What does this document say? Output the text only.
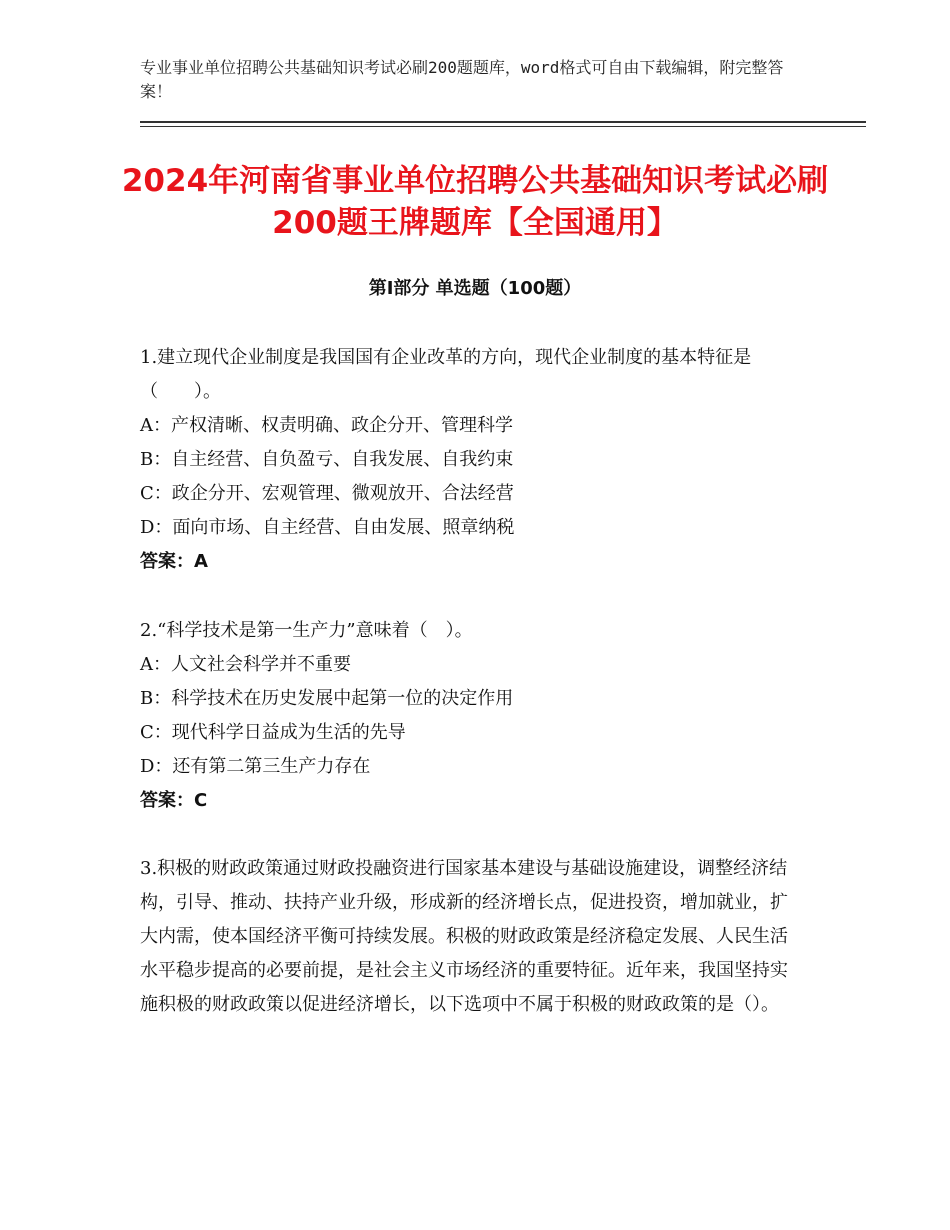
专业事业单位招聘公共基础知识考试必刷200题题库，word格式可自由下载编辑，附完整答案！
2024年河南省事业单位招聘公共基础知识考试必刷200题王牌题库【全国通用】
第Ⅰ部分 单选题（100题）
1.建立现代企业制度是我国国有企业改革的方向，现代企业制度的基本特征是（　　）。
A：产权清晰、权责明确、政企分开、管理科学
B：自主经营、自负盈亏、自我发展、自我约束
C：政企分开、宏观管理、微观放开、合法经营
D：面向市场、自主经营、自由发展、照章纳税
答案：A
2.“科学技术是第一生产力”意味着（　）。
A：人文社会科学并不重要
B：科学技术在历史发展中起第一位的决定作用
C：现代科学日益成为生活的先导
D：还有第二第三生产力存在
答案：C
3.积极的财政政策通过财政投融资进行国家基本建设与基础设施建设，调整经济结构，引导、推动、扶持产业升级，形成新的经济增长点，促进投资，增加就业，扩大内需，使本国经济平衡可持续发展。积极的财政政策是经济稳定发展、人民生活水平稳步提高的必要前提，是社会主义市场经济的重要特征。近年来，我国坚持实施积极的财政政策以促进经济增长，以下选项中不属于积极的财政政策的是（）。
